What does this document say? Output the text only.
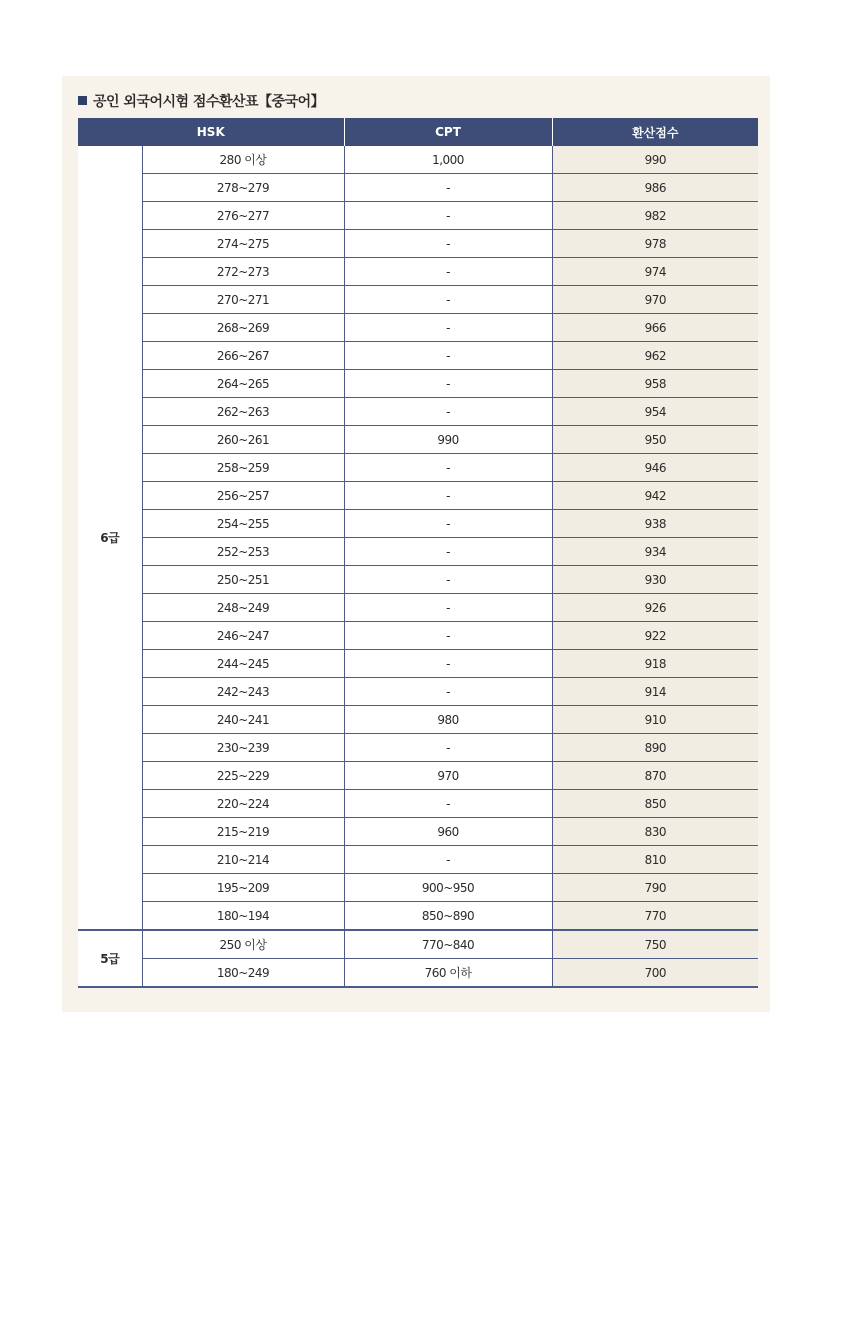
공인 외국어시험 점수환산표【중국어】
HSK		CPT	환산점수
6급	280 이상	1,000	990
	278~279	-	986
	276~277	-	982
	274~275	-	978
	272~273	-	974
	270~271	-	970
	268~269	-	966
	266~267	-	962
	264~265	-	958
	262~263	-	954
	260~261	990	950
	258~259	-	946
	256~257	-	942
	254~255	-	938
	252~253	-	934
	250~251	-	930
	248~249	-	926
	246~247	-	922
	244~245	-	918
	242~243	-	914
	240~241	980	910
	230~239	-	890
	225~229	970	870
	220~224	-	850
	215~219	960	830
	210~214	-	810
	195~209	900~950	790
	180~194	850~890	770
5급	250 이상	770~840	750
	180~249	760 이하	700
